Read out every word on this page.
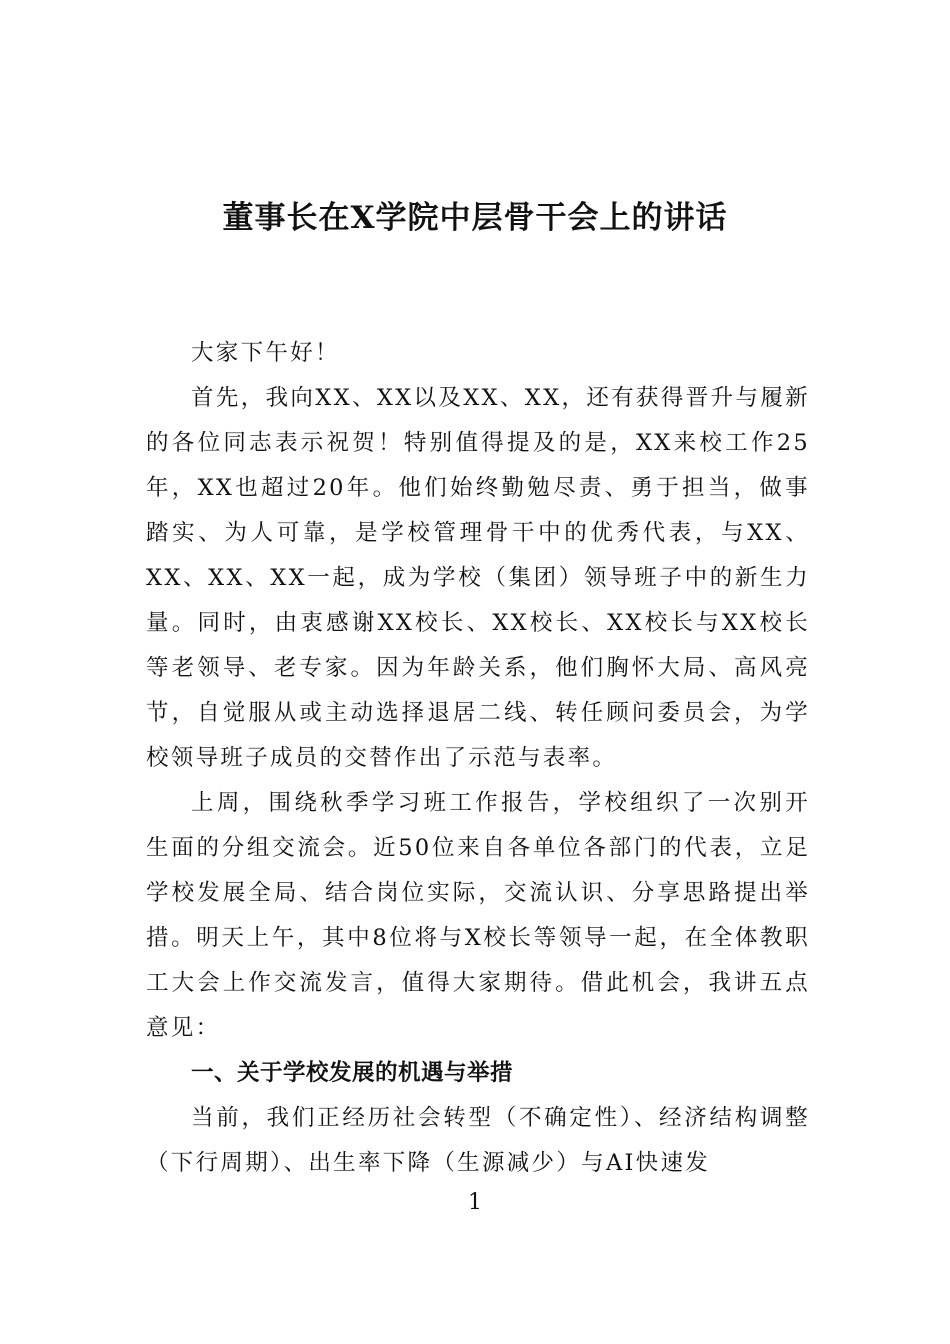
董事长在X学院中层骨干会上的讲话

大家下午好！

首先，我向XX、XX以及XX、XX，还有获得晋升与履新的各位同志表示祝贺！特别值得提及的是，XX来校工作25年，XX也超过20年。他们始终勤勉尽责、勇于担当，做事踏实、为人可靠，是学校管理骨干中的优秀代表，与XX、XX、XX、XX一起，成为学校（集团）领导班子中的新生力量。同时，由衷感谢XX校长、XX校长、XX校长与XX校长等老领导、老专家。因为年龄关系，他们胸怀大局、高风亮节，自觉服从或主动选择退居二线、转任顾问委员会，为学校领导班子成员的交替作出了示范与表率。

上周，围绕秋季学习班工作报告，学校组织了一次别开生面的分组交流会。近50位来自各单位各部门的代表，立足学校发展全局、结合岗位实际，交流认识、分享思路提出举措。明天上午，其中8位将与X校长等领导一起，在全体教职工大会上作交流发言，值得大家期待。借此机会，我讲五点意见：

一、关于学校发展的机遇与举措

当前，我们正经历社会转型（不确定性）、经济结构调整（下行周期）、出生率下降（生源减少）与AI快速发

1
